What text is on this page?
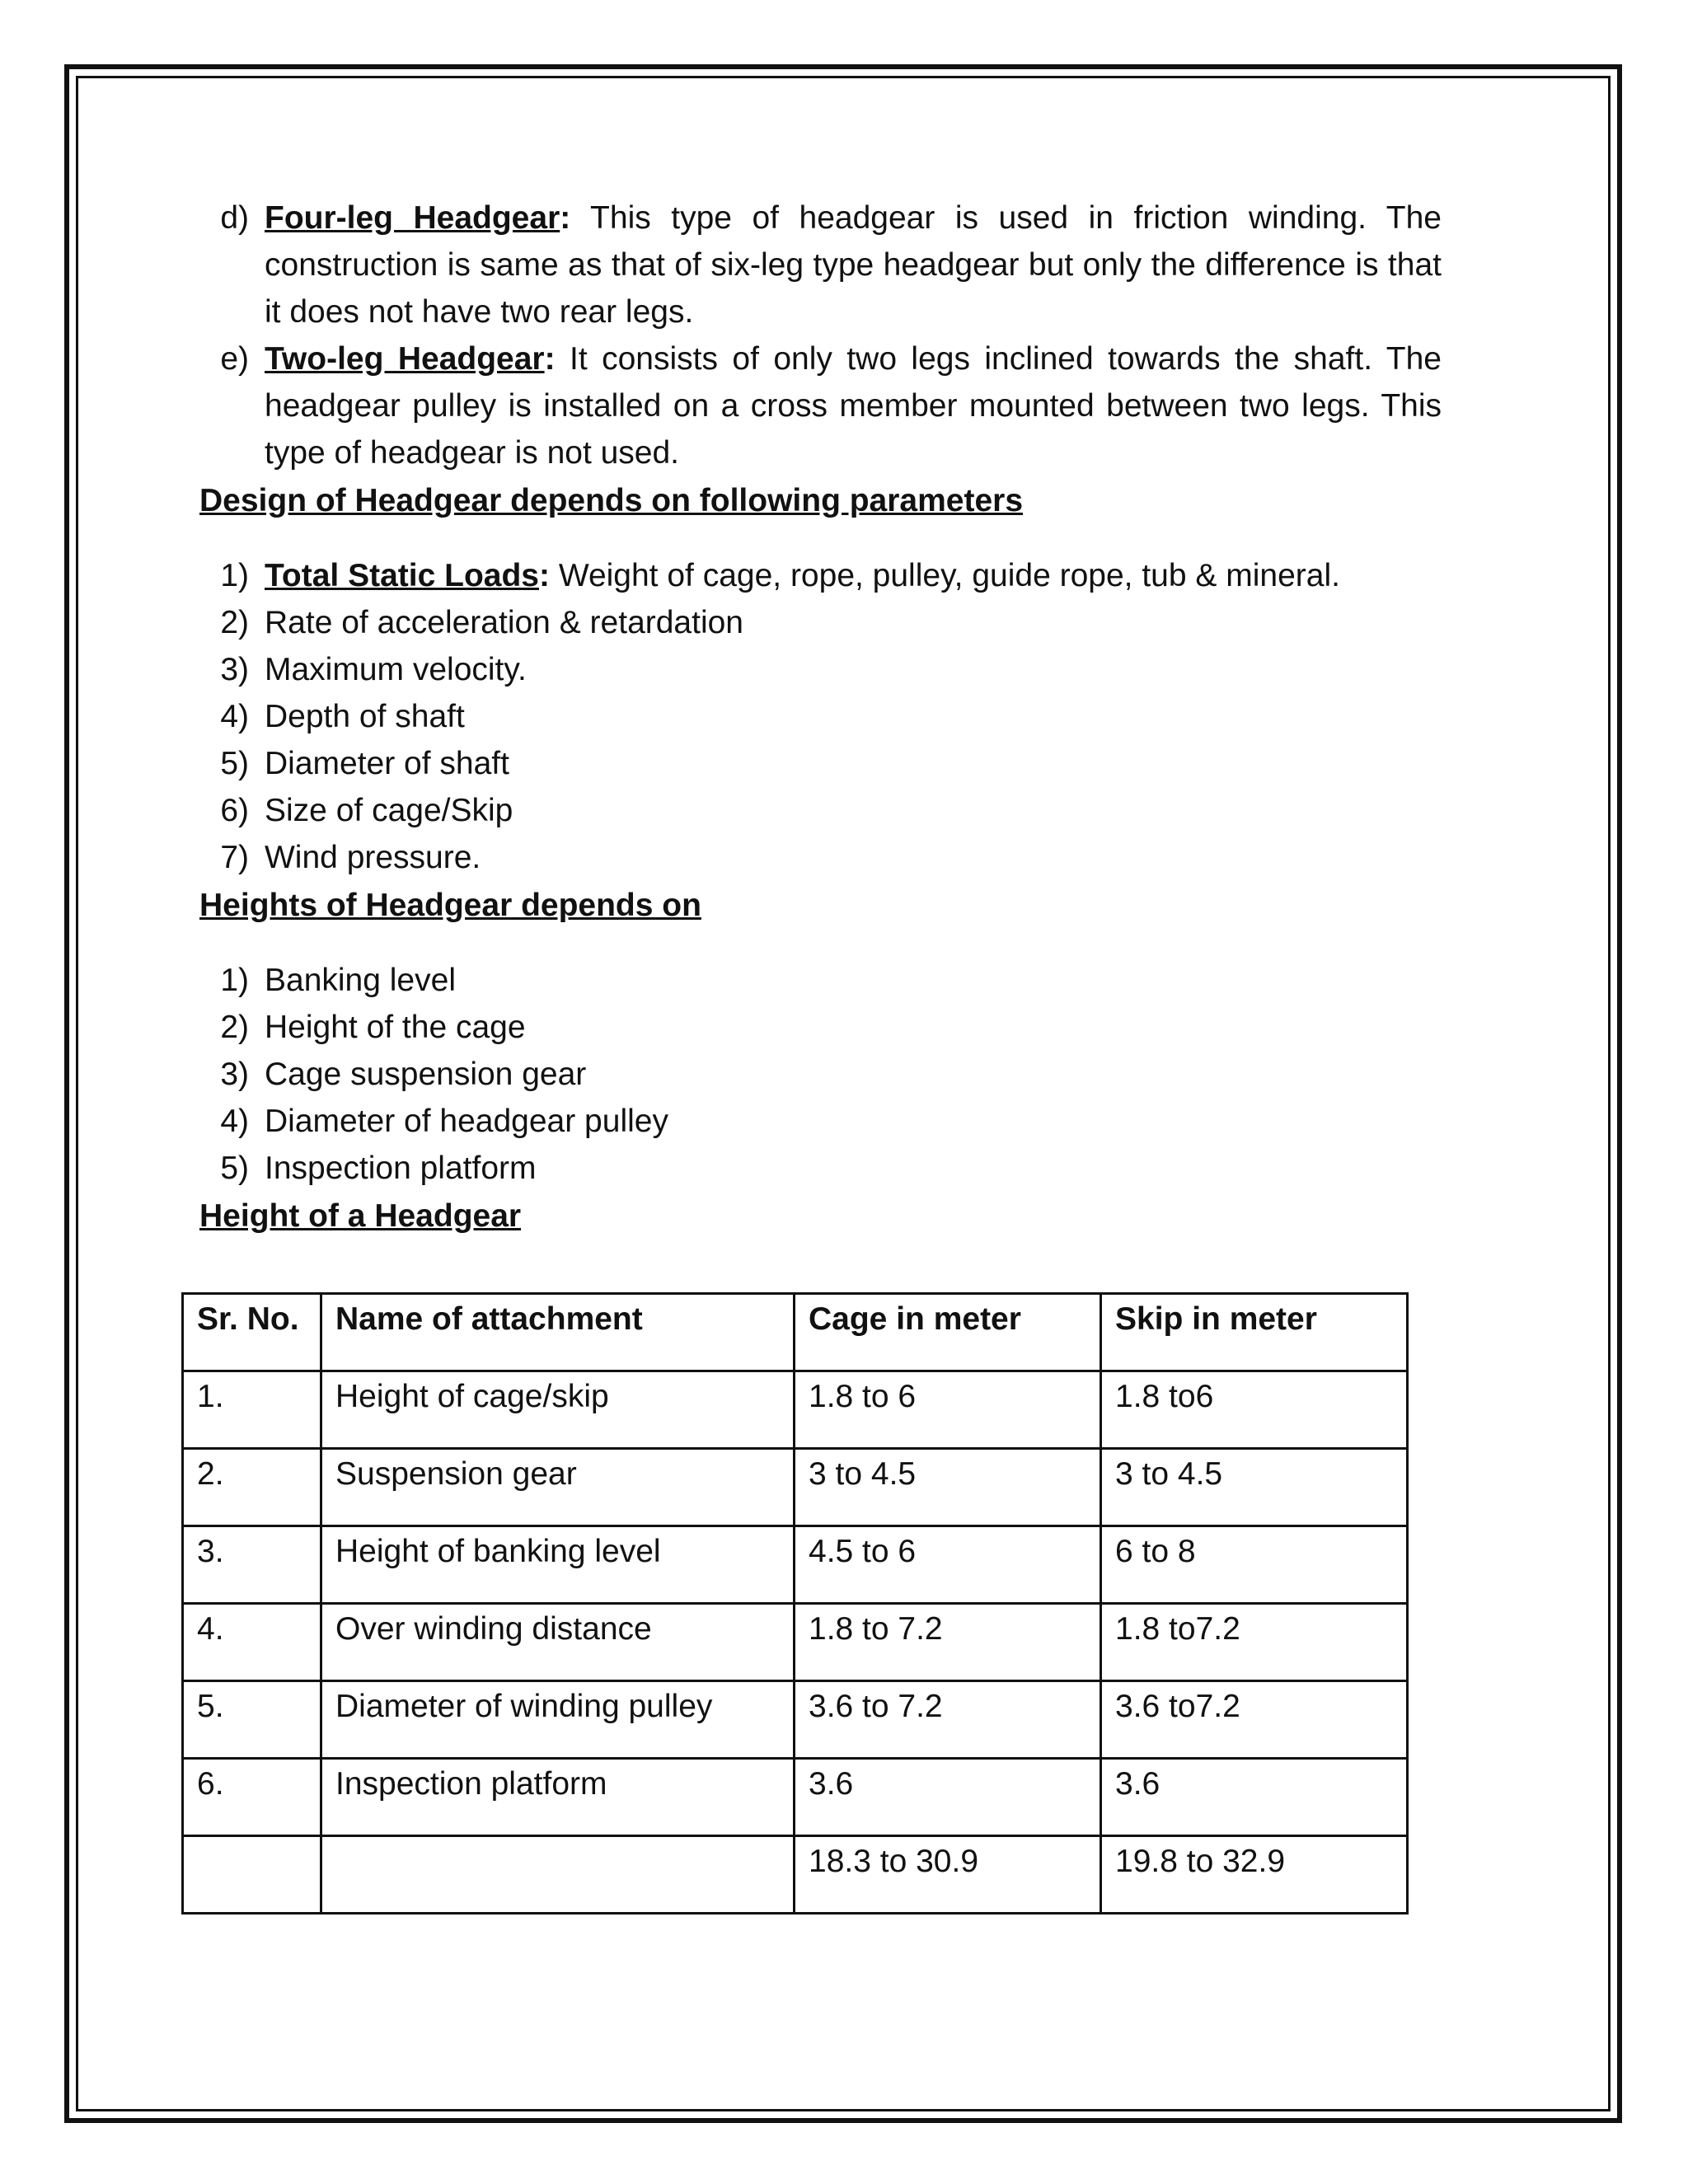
d) Four-leg Headgear: This type of headgear is used in friction winding. The construction is same as that of six-leg type headgear but only the difference is that it does not have two rear legs.
e) Two-leg Headgear: It consists of only two legs inclined towards the shaft. The headgear pulley is installed on a cross member mounted between two legs. This type of headgear is not used.
Design of Headgear depends on following parameters
1) Total Static Loads: Weight of cage, rope, pulley, guide rope, tub & mineral.
2) Rate of acceleration & retardation
3) Maximum velocity.
4) Depth of shaft
5) Diameter of shaft
6) Size of cage/Skip
7) Wind pressure.
Heights of Headgear depends on
1) Banking level
2) Height of the cage
3) Cage suspension gear
4) Diameter of headgear pulley
5) Inspection platform
Height of a Headgear
Sr. No.	Name of attachment	Cage in meter	Skip in meter
1.	Height of cage/skip	1.8 to 6	1.8 to6
2.	Suspension gear	3 to 4.5	3 to 4.5
3.	Height of banking level	4.5 to 6	6 to 8
4.	Over winding distance	1.8 to 7.2	1.8 to7.2
5.	Diameter of winding pulley	3.6 to 7.2	3.6 to7.2
6.	Inspection platform	3.6	3.6
		18.3 to 30.9	19.8 to 32.9
